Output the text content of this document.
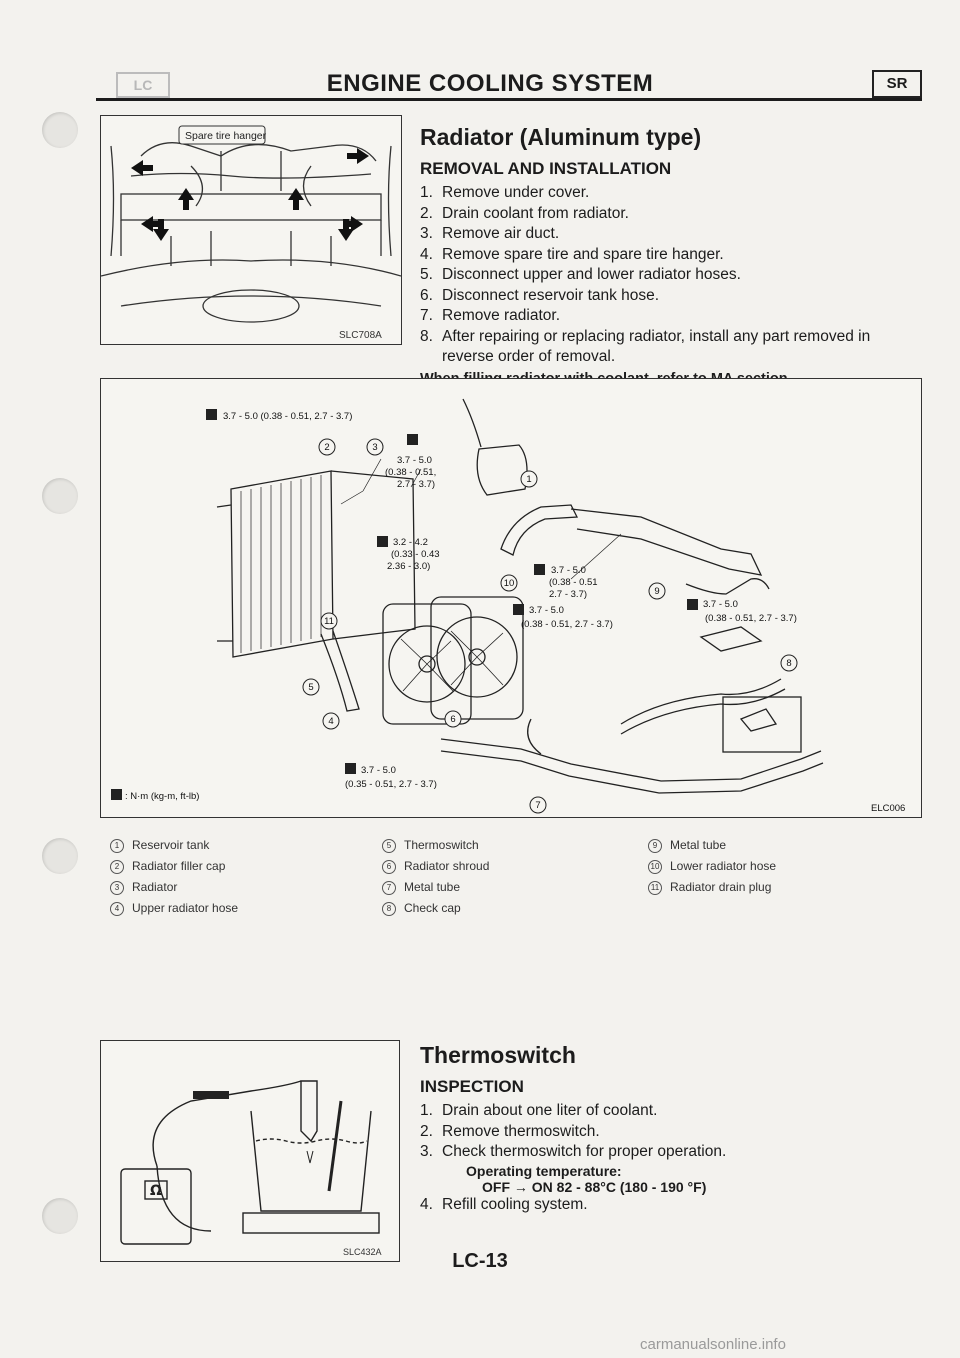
LC	ENGINE COOLING SYSTEM	SR
Spare tire hanger
SLC708A
Radiator (Aluminum type)
REMOVAL AND INSTALLATION
1. Remove under cover.
2. Drain coolant from radiator.
3. Remove air duct.
4. Remove spare tire and spare tire hanger.
5. Disconnect upper and lower radiator hoses.
6. Disconnect reservoir tank hose.
7. Remove radiator.
8. After repairing or replacing radiator, install any part removed in reverse order of removal.
3.7 - 5.0 (0.38 - 0.51, 2.7 - 3.7)
3.7 - 5.0
(0.38 - 0.51,
2.7 - 3.7)
3.2 - 4.2
(0.33 - 0.43
2.36 - 3.0)	3.7 - 5.0
(0.38 - 0.51
2.7 - 3.7)
3.7 - 5.0
(0.38 - 0.51, 2.7 - 3.7)
3.7 - 5.0
(0.38 - 0.51, 2.7 - 3.7)
3.7 - 5.0
(0.35 - 0.51, 2.7 - 3.7)
: N·m (kg-m, ft-lb)
ELC006
1
2	3
4
5
6
7
8
9
10
11
1 Reservoir tank
2 Radiator filler cap
3 Radiator
4 Upper radiator hose
5 Thermoswitch
6 Radiator shroud
7 Metal tube
8 Check cap
9 Metal tube
10 Lower radiator hose
11 Radiator drain plug
Ω
SLC432A
Thermoswitch
INSPECTION
1. Drain about one liter of coolant.
2. Remove thermoswitch.
3. Check thermoswitch for proper operation.
Operating temperature:
OFF → ON 82 - 88°C (180 - 190 °F)
4. Refill cooling system.
LC-13
carmanualsonline.info
